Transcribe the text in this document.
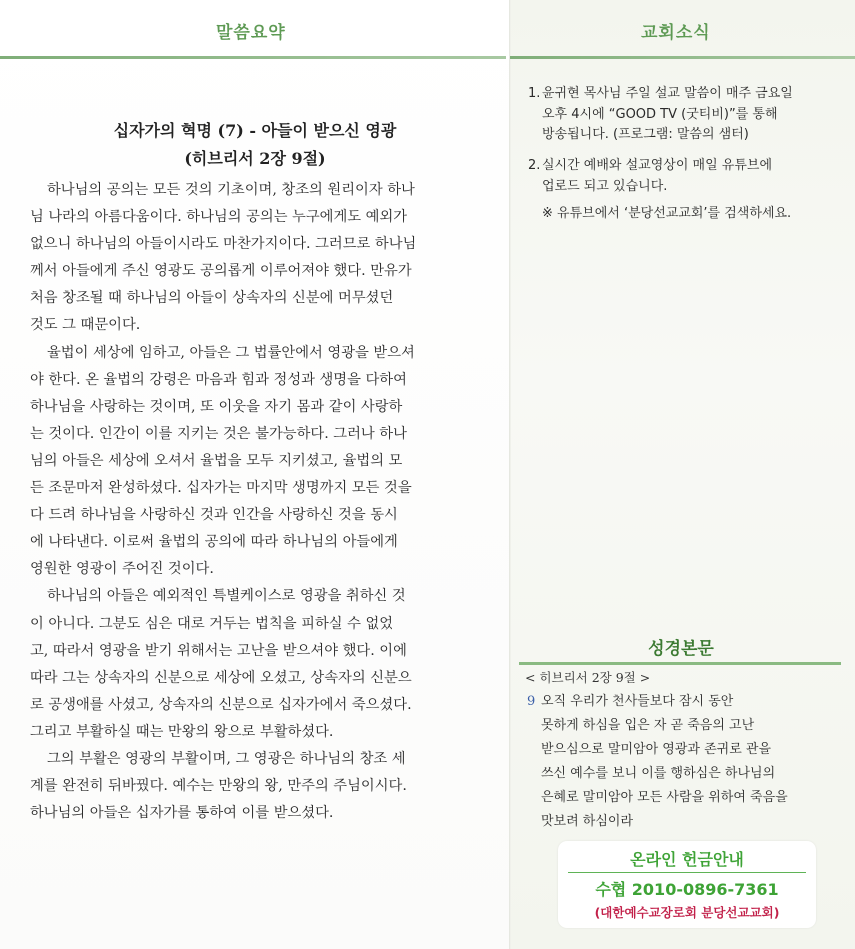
말씀요약	교회소식
십자가의 혁명 (7) - 아들이 받으신 영광
(히브리서 2장 9절)

하나님의 공의는 모든 것의 기초이며, 창조의 원리이자 하나
님 나라의 아름다움이다. 하나님의 공의는 누구에게도 예외가
없으니 하나님의 아들이시라도 마찬가지이다. 그러므로 하나님
께서 아들에게 주신 영광도 공의롭게 이루어져야 했다. 만유가
처음 창조될 때 하나님의 아들이 상속자의 신분에 머무셨던
것도 그 때문이다.

율법이 세상에 임하고, 아들은 그 법률안에서 영광을 받으셔
야 한다. 온 율법의 강령은 마음과 힘과 정성과 생명을 다하여
하나님을 사랑하는 것이며, 또 이웃을 자기 몸과 같이 사랑하
는 것이다. 인간이 이를 지키는 것은 불가능하다. 그러나 하나
님의 아들은 세상에 오셔서 율법을 모두 지키셨고, 율법의 모
든 조문마저 완성하셨다. 십자가는 마지막 생명까지 모든 것을
다 드려 하나님을 사랑하신 것과 인간을 사랑하신 것을 동시
에 나타낸다. 이로써 율법의 공의에 따라 하나님의 아들에게
영원한 영광이 주어진 것이다.

하나님의 아들은 예외적인 특별케이스로 영광을 취하신 것
이 아니다. 그분도 심은 대로 거두는 법칙을 피하실 수 없었
고, 따라서 영광을 받기 위해서는 고난을 받으셔야 했다. 이에
따라 그는 상속자의 신분으로 세상에 오셨고, 상속자의 신분으
로 공생애를 사셨고, 상속자의 신분으로 십자가에서 죽으셨다.
그리고 부활하실 때는 만왕의 왕으로 부활하셨다.

그의 부활은 영광의 부활이며, 그 영광은 하나님의 창조 세
계를 완전히 뒤바꿨다. 예수는 만왕의 왕, 만주의 주님이시다.
하나님의 아들은 십자가를 통하여 이를 받으셨다.

1. 윤귀현 목사님 주일 설교 말씀이 매주 금요일
오후 4시에 “GOOD TV (굿티비)”를 통해
방송됩니다. (프로그램: 말씀의 샘터)
2. 실시간 예배와 설교영상이 매일 유튜브에
업로드 되고 있습니다.
※ 유튜브에서 ‘분당선교교회’를 검색하세요.
성경본문
< 히브리서 2장 9절 >
9 오직 우리가 천사들보다 잠시 동안
못하게 하심을 입은 자 곧 죽음의 고난
받으심으로 말미암아 영광과 존귀로 관을
쓰신 예수를 보니 이를 행하심은 하나님의
은혜로 말미암아 모든 사람을 위하여 죽음을
맛보려 하심이라
온라인 헌금안내
수협 2010-0896-7361
(대한예수교장로회 분당선교교회)
